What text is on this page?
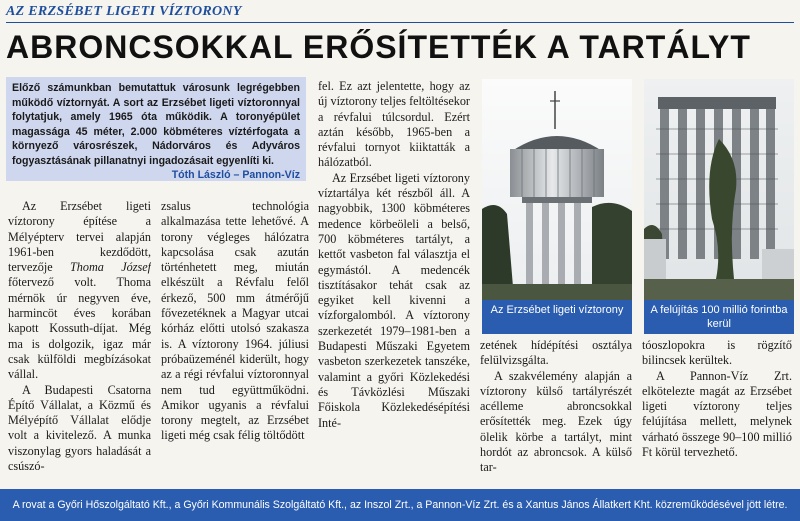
AZ ERZSÉBET LIGETI VÍZTORONY
ABRONCSOKKAL ERŐSÍTETTÉK A TARTÁLYT
Előző számunkban bemutattuk városunk legrégebben működő víztornyát. A sort az Erzsébet ligeti víztoronnyal folytatjuk, amely 1965 óta működik. A toronyépület magassága 45 méter, 2.000 köbméteres víztérfogata a környező városrészek, Nádorváros és Adyváros fogyasztásának pillanatnyi ingadozásait egyenlíti ki.
Tóth László – Pannon-Víz

Az Erzsébet ligeti víztorony építése a Mélyépterv tervei alapján 1961-ben kezdődött, tervezője Thoma József főtervező volt. Thoma mérnök úr negyven éve, harmincöt éves korában kapott Kossuth-díjat. Még ma is dolgozik, igaz már csak külföldi megbízásokat vállal.

A Budapesti Csatorna Építő Vállalat, a Közmű és Mélyépítő Vállalat elődje volt a kivitelező. A munka viszonylag gyors haladását a csúszó-

zsalus technológia alkalmazása tette lehetővé. A torony végleges hálózatra kapcsolása csak azután történhetett meg, miután elkészült a Révfalu felől érkező, 500 mm átmérőjű fővezetéknek a Magyar utcai kórház előtti utolsó szakasza is. A víztorony 1964. júliusi próbaüzeménél kiderült, hogy az a régi révfalui víztoronnyal nem tud együttműködni. Amikor ugyanis a révfalui torony megtelt, az Erzsébet ligeti még csak félig töltődött

fel. Ez azt jelentette, hogy az új víztorony teljes feltöltésekor a révfalui túlcsordul. Ezért aztán később, 1965-ben a révfalui tornyot kiiktatták a hálózatból.

Az Erzsébet ligeti víztorony víztartálya két részből áll. A nagyobbik, 1300 köbméteres medence körbeöleli a belső, 700 köbméteres tartályt, a kettőt vasbeton fal választja el egymástól. A medencék tisztításakor tehát csak az egyiket kell kivenni a vízforgalomból. A víztorony szerkezetét 1979–1981-ben a Budapesti Műszaki Egyetem vasbeton szerkezetek tanszéke, valamint a győri Közlekedési és Távközlési Műszaki Főiskola Közlekedésépítési Inté-

Az Erzsébet ligeti víztorony	A felújítás 100 millió forintba kerül

zetének hídépítési osztálya felülvizsgálta.

A szakvélemény alapján a víztorony külső tartályrészét acélleme abroncsokkal erősítették meg. Ezek úgy ölelik körbe a tartályt, mint hordót az abroncsok. A külső tar-

tóoszlopokra is rögzítő bilincsek kerültek.

A Pannon-Víz Zrt. elkötelezte magát az Erzsébet ligeti víztorony teljes felújítása mellett, melynek várható összege 90–100 millió Ft körül tervezhető.

A rovat a Győri Hőszolgáltató Kft., a Győri Kommunális Szolgáltató Kft., az Inszol Zrt., a Pannon-Víz Zrt. és a Xantus János Állatkert Kht. közreműködésével jött létre.
